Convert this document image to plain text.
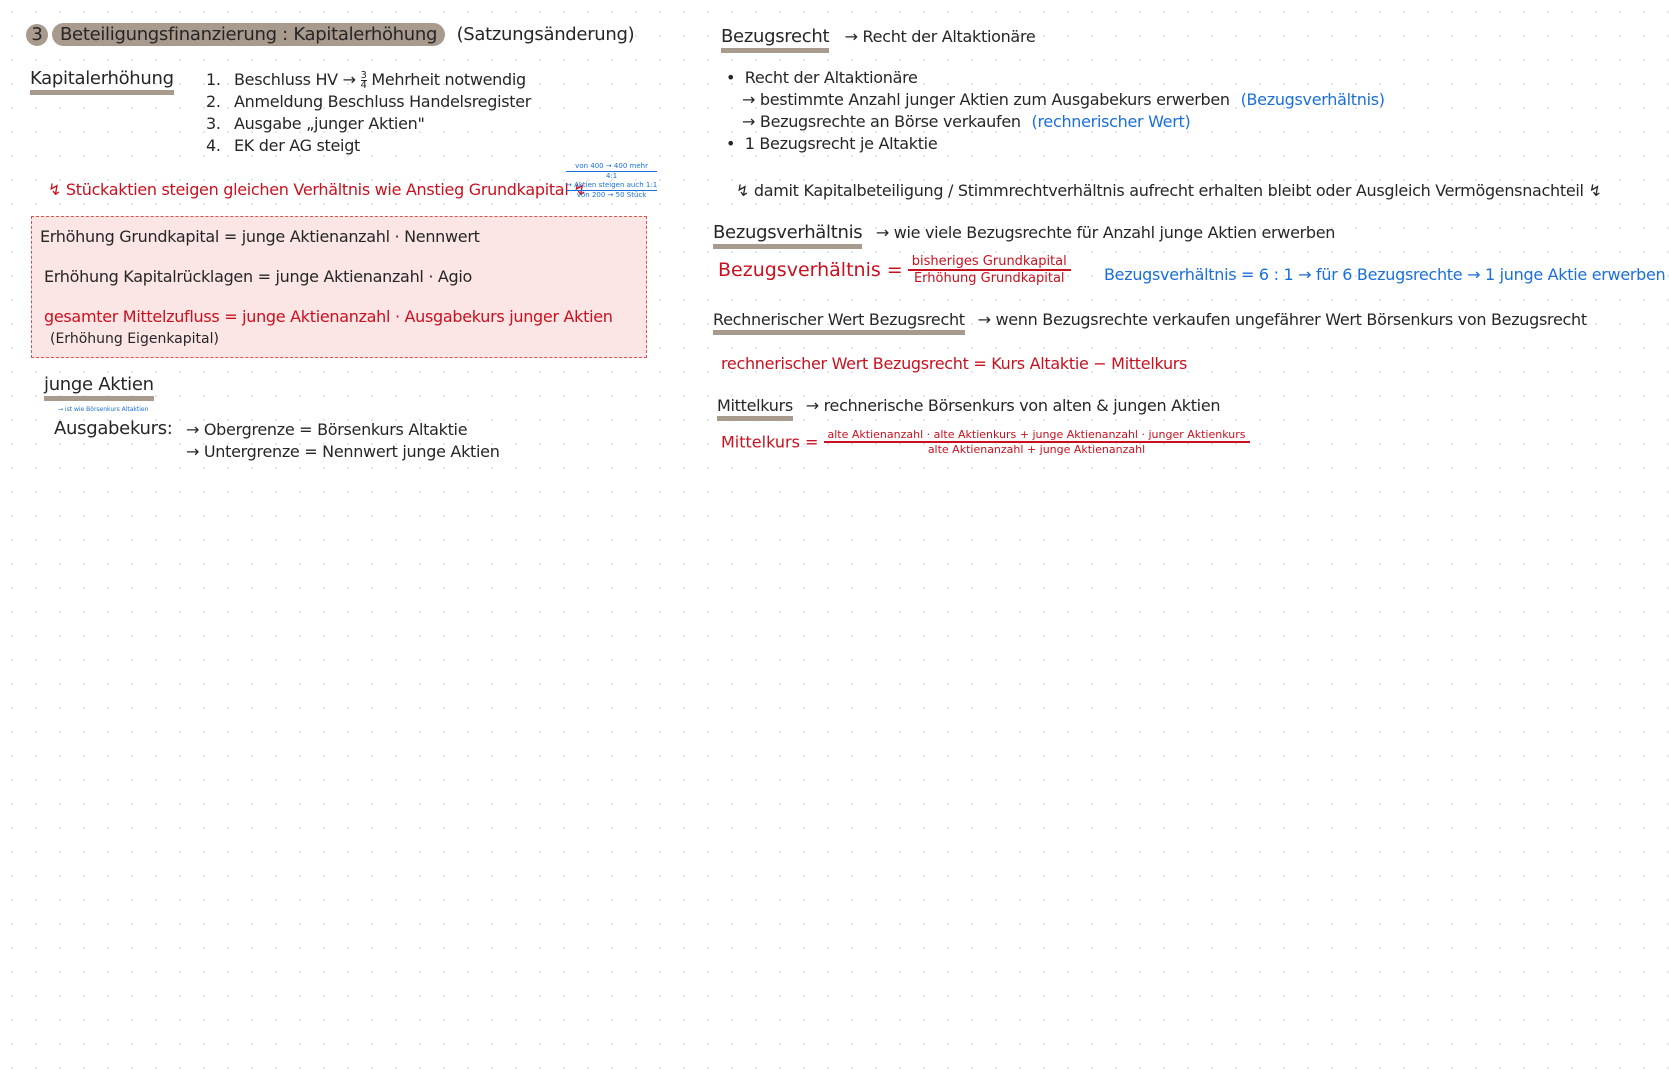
3 Beteiligungsfinanzierung : Kapitalerhöhung (Satzungsänderung)
Kapitalerhöhung 1. Beschluss HV → $\frac{3}{4}$ Mehrheit notwendig
2. Anmeldung Beschluss Handelsregister
3. Ausgabe „junger Aktien"
4. EK der AG steigt
↯ Stückaktien steigen gleichen Verhältnis wie Anstieg Grundkapital ↯
von 400 → 400 mehr
4:1
→ Aktien steigen auch 1:1
von 200 → 50 Stück
Erhöhung Grundkapital = junge Aktienanzahl · Nennwert
Erhöhung Kapitalrücklagen = junge Aktienanzahl · Agio
gesamter Mittelzufluss = junge Aktienanzahl · Ausgabekurs junger Aktien
(Erhöhung Eigenkapital)
junge Aktien
→ ist wie Börsenkurs Altaktien
Ausgabekurs: → Obergrenze = Börsenkurs Altaktie
→ Untergrenze = Nennwert junge Aktien
Bezugsrecht → Recht der Altaktionäre
•  Recht der Altaktionäre
→ bestimmte Anzahl junger Aktien zum Ausgabekurs erwerben (Bezugsverhältnis)
→ Bezugsrechte an Börse verkaufen (rechnerischer Wert)
•  1 Bezugsrecht je Altaktie
↯ damit Kapitalbeteiligung / Stimmrechtverhältnis aufrecht erhalten bleibt oder Ausgleich Vermögensnachteil ↯
Bezugsverhältnis → wie viele Bezugsrechte für Anzahl junge Aktien erwerben
Bezugsverhältnis = $\frac{\text{bisheriges Grundkapital}}{\text{Erhöhung Grundkapital}}$ Bezugsverhältnis = 6 : 1 → für 6 Bezugsrechte → 1 junge Aktie erwerben
Rechnerischer Wert Bezugsrecht → wenn Bezugsrechte verkaufen ungefährer Wert Börsenkurs von Bezugsrecht
rechnerischer Wert Bezugsrecht = Kurs Altaktie − Mittelkurs
Mittelkurs → rechnerische Börsenkurs von alten & jungen Aktien
Mittelkurs = alte Aktienanzahl · alte Aktienkurs + junge Aktienanzahl · junger Aktienkurs
alte Aktienanzahl + junge Aktienanzahl
